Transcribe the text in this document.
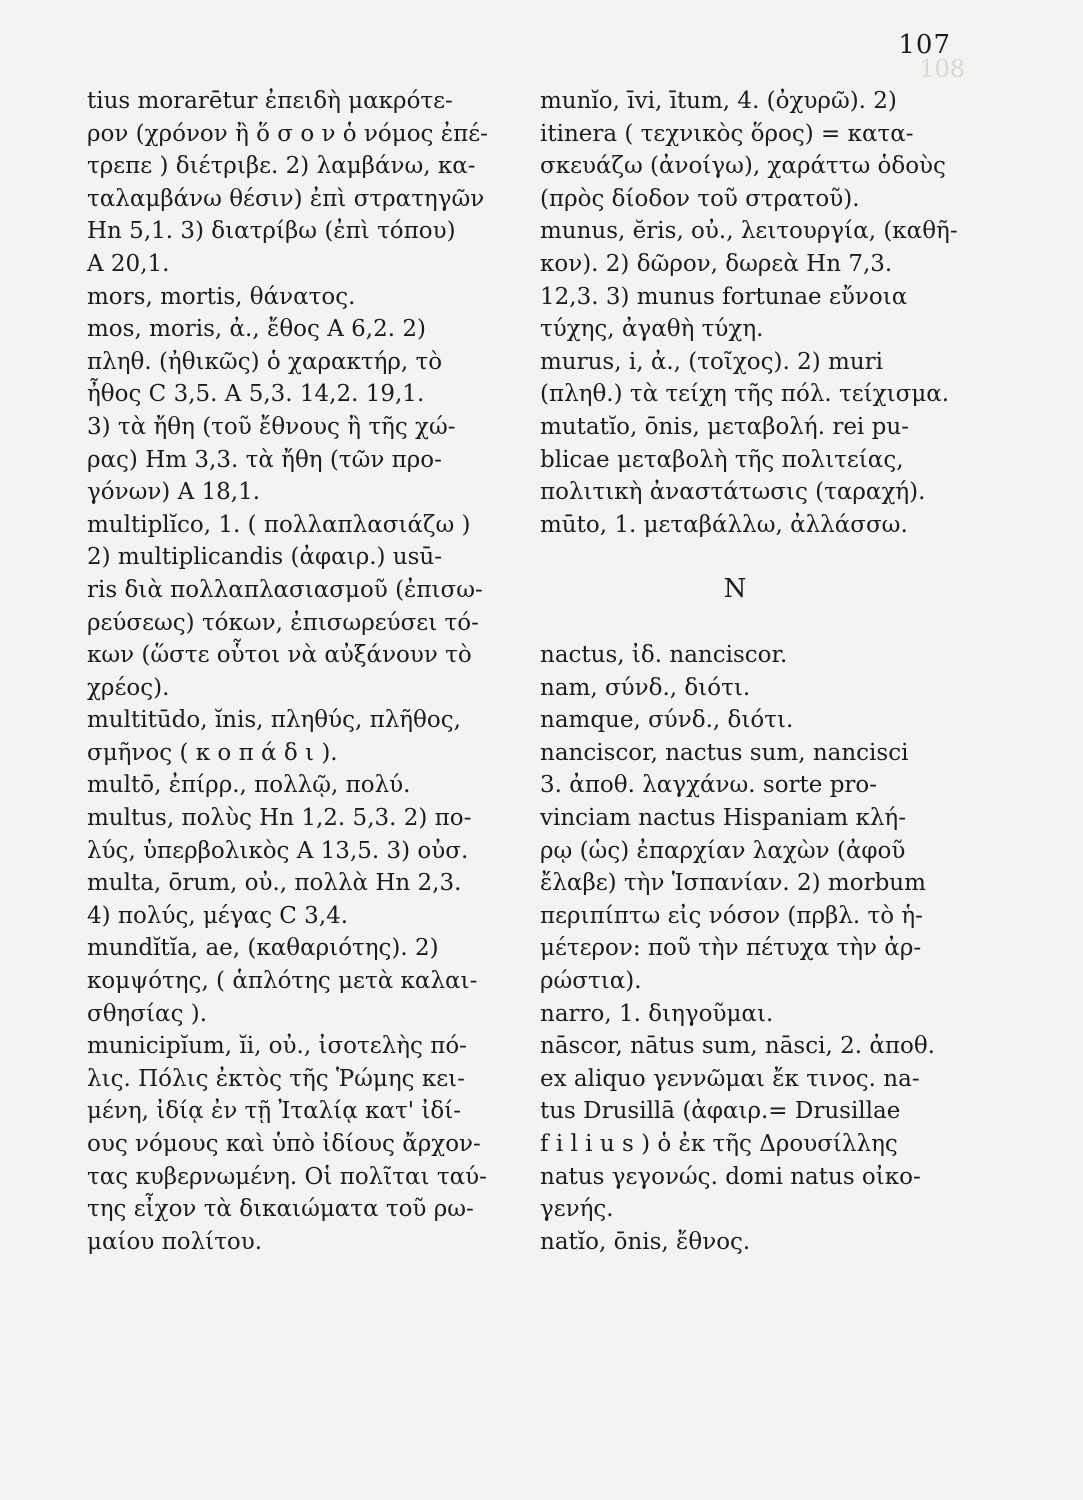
108
107
tius morarētur ἐπειδὴ μακρότε-
ρον (χρόνον ἢ ὅ σ ο ν ὁ νόμος ἐπέ-
τρεπε ) διέτριβε. 2) λαμβάνω, κα-
ταλαμβάνω θέσιν) ἐπὶ στρατηγῶν
Hn 5,1. 3) διατρίβω (ἐπὶ τόπου)
A 20,1.
mors, mortis, θάνατος.
mos, moris, ἀ., ἔθος A 6,2. 2)
πληθ. (ἠθικῶς) ὁ χαρακτήρ, τὸ
ἦθος C 3,5. A 5,3. 14,2. 19,1.
3) τὰ ἤθη (τοῦ ἔθνους ἢ τῆς χώ-
ρας) Hm 3,3. τὰ ἤθη (τῶν προ-
γόνων) A 18,1.
multiplĭco, 1. ( πολλαπλασιάζω )
2) multiplicandis (ἀφαιρ.) usū-
ris διὰ πολλαπλασιασμοῦ (ἐπισω-
ρεύσεως) τόκων, ἐπισωρεύσει τό-
κων (ὥστε οὗτοι νὰ αὐξάνουν τὸ
χρέος).
multitūdo, ĭnis, πληθύς, πλῆθος,
σμῆνος ( κ ο π ά δ ι ).
multō, ἐπίρρ., πολλῷ, πολύ.
multus, πολὺς Hn 1,2. 5,3. 2) πο-
λύς, ὑπερβολικὸς A 13,5. 3) οὐσ.
multa, ōrum, οὐ., πολλὰ Hn 2,3.
4) πολύς, μέγας C 3,4.
mundĭtĭa, ae, (καθαριότης). 2)
κομψότης, ( ἁπλότης μετὰ καλαι-
σθησίας ).
municipĭum, ĭi, οὐ., ἰσοτελὴς πό-
λις. Πόλις ἐκτὸς τῆς Ῥώμης κει-
μένη, ἰδίᾳ ἐν τῇ Ἰταλίᾳ κατ' ἰδί-
ους νόμους καὶ ὑπὸ ἰδίους ἄρχον-
τας κυβερνωμένη. Οἱ πολῖται ταύ-
της εἶχον τὰ δικαιώματα τοῦ ρω-
μαίου πολίτου.
munĭo, īvi, ītum, 4. (ὀχυρῶ). 2)
itinera ( τεχνικὸς ὅρος) = κατα-
σκευάζω (ἀνοίγω), χαράττω ὁδοὺς
(πρὸς δίοδον τοῦ στρατοῦ).
munus, ĕris, οὐ., λειτουργία, (καθῆ-
κον). 2) δῶρον, δωρεὰ Hn 7,3.
12,3. 3) munus fortunae εὔνοια
τύχης, ἀγαθὴ τύχη.
murus, i, ἀ., (τοῖχος). 2) muri
(πληθ.) τὰ τείχη τῆς πόλ. τείχισμα.
mutatĭo, ōnis, μεταβολή. rei pu-
blicae μεταβολὴ τῆς πολιτείας,
πολιτικὴ ἀναστάτωσις (ταραχή).
mūto, 1. μεταβάλλω, ἀλλάσσω.
N
nactus, ἰδ. nanciscor.
nam, σύνδ., διότι.
namque, σύνδ., διότι.
nanciscor, nactus sum, nancisci
3. ἀποθ. λαγχάνω. sorte pro-
vinciam nactus Hispaniam κλή-
ρῳ (ὡς) ἐπαρχίαν λαχὼν (ἀφοῦ
ἔλαβε) τὴν Ἱσπανίαν. 2) morbum
περιπίπτω εἰς νόσον (πρβλ. τὸ ἡ-
μέτερον: ποῦ τὴν πέτυχα τὴν ἀρ-
ρώστια).
narro, 1. διηγοῦμαι.
nāscor, nātus sum, nāsci, 2. ἀποθ.
ex aliquo γεννῶμαι ἔκ τινος. na-
tus Drusillā (ἀφαιρ.= Drusillae
f i l i u s ) ὁ ἐκ τῆς Δρουσίλλης
natus γεγονώς. domi natus οἰκο-
γενής.
natĭo, ōnis, ἔθνος.
